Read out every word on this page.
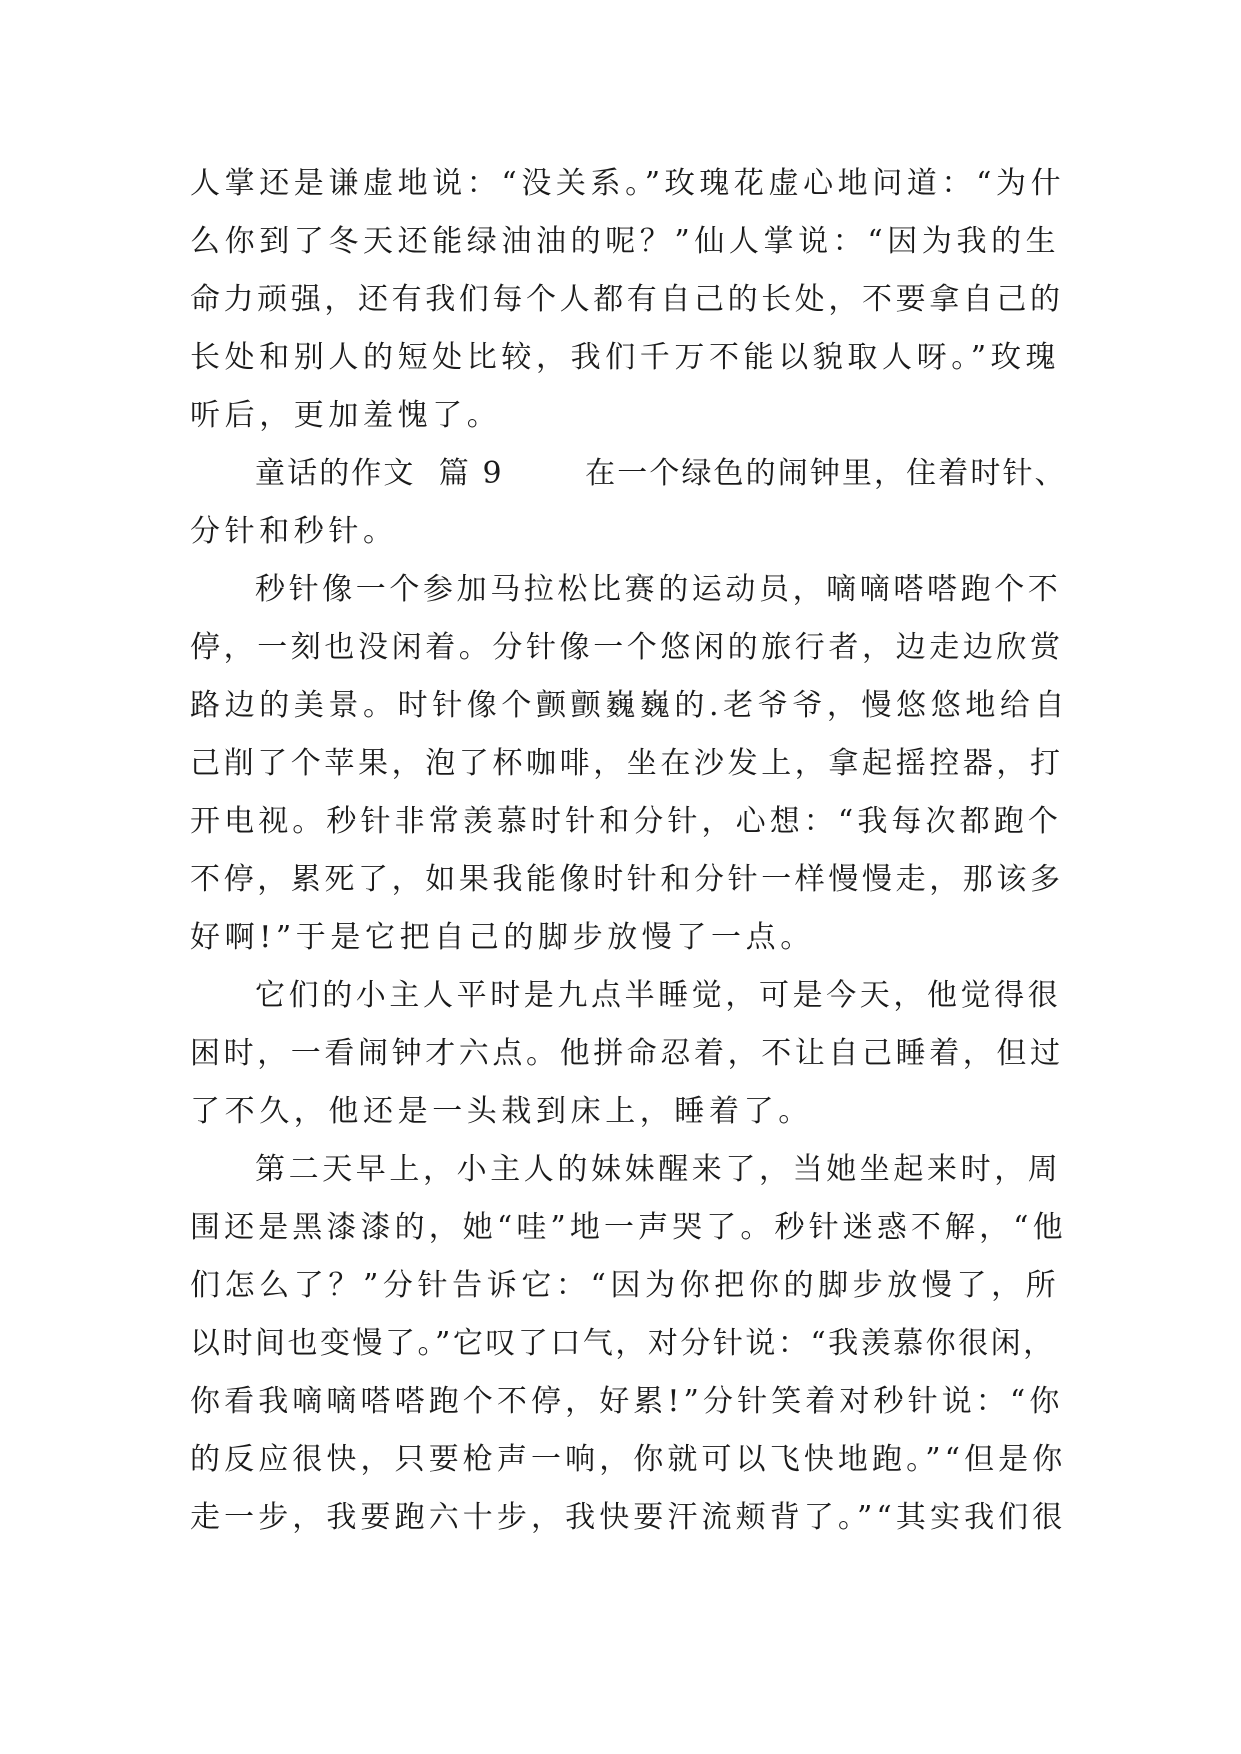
人掌还是谦虚地说：“没关系。”玫瑰花虚心地问道：“为什
么你到了冬天还能绿油油的呢？”仙人掌说：“因为我的生
命力顽强，还有我们每个人都有自己的长处，不要拿自己的
长处和别人的短处比较，我们千万不能以貌取人呀。”玫瑰
听后，更加羞愧了。
童话的作文  篇 9       在一个绿色的闹钟里，住着时针、
分针和秒针。
秒针像一个参加马拉松比赛的运动员，嘀嘀嗒嗒跑个不
停，一刻也没闲着。分针像一个悠闲的旅行者，边走边欣赏
路边的美景。时针像个颤颤巍巍的.老爷爷，慢悠悠地给自
己削了个苹果，泡了杯咖啡，坐在沙发上，拿起摇控器，打
开电视。秒针非常羡慕时针和分针，心想：“我每次都跑个
不停，累死了，如果我能像时针和分针一样慢慢走，那该多
好啊!”于是它把自己的脚步放慢了一点。
它们的小主人平时是九点半睡觉，可是今天，他觉得很
困时，一看闹钟才六点。他拼命忍着，不让自己睡着，但过
了不久，他还是一头栽到床上，睡着了。
第二天早上，小主人的妹妹醒来了，当她坐起来时，周
围还是黑漆漆的，她“哇”地一声哭了。秒针迷惑不解，“他
们怎么了？”分针告诉它：“因为你把你的脚步放慢了，所
以时间也变慢了。”它叹了口气，对分针说：“我羡慕你很闲，
你看我嘀嘀嗒嗒跑个不停，好累!”分针笑着对秒针说：“你
的反应很快，只要枪声一响，你就可以飞快地跑。”“但是你
走一步，我要跑六十步，我快要汗流颊背了。”“其实我们很
